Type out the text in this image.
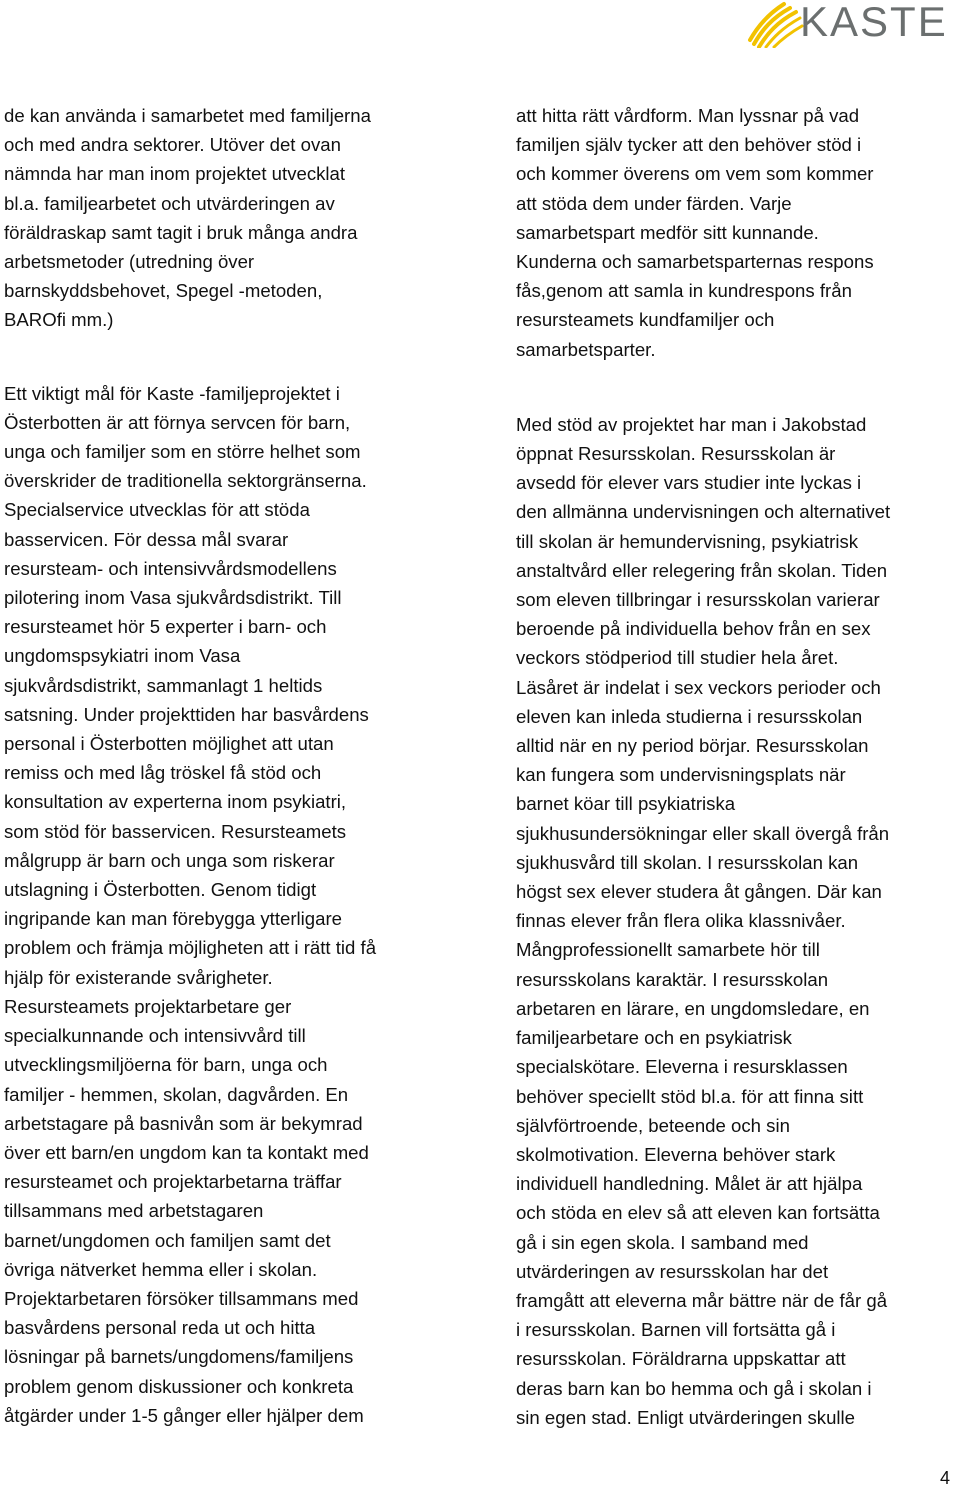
KASTE

de kan använda i samarbetet med familjerna
och med andra sektorer. Utöver det ovan
nämnda har man inom projektet utvecklat
bl.a. familjearbetet och utvärderingen av
föräldraskap samt tagit i bruk många andra
arbetsmetoder (utredning över
barnskyddsbehovet, Spegel -metoden,
BAROfi mm.)

Ett viktigt mål för Kaste -familjeprojektet i
Österbotten är att förnya servcen för barn,
unga och familjer som en större helhet som
överskrider de traditionella sektorgränserna.
Specialservice utvecklas för att stöda
basservicen. För dessa mål svarar
resursteam- och intensivvårdsmodellens
pilotering inom Vasa sjukvårdsdistrikt. Till
resursteamet hör 5 experter i barn- och
ungdomspsykiatri inom Vasa
sjukvårdsdistrikt, sammanlagt 1 heltids
satsning. Under projekttiden har basvårdens
personal i Österbotten möjlighet att utan
remiss och med låg tröskel få stöd och
konsultation av experterna inom psykiatri,
som stöd för basservicen. Resursteamets
målgrupp är barn och unga som riskerar
utslagning i Österbotten. Genom tidigt
ingripande kan man förebygga ytterligare
problem och främja möjligheten att i rätt tid få
hjälp för existerande svårigheter.
Resursteamets projektarbetare ger
specialkunnande och intensivvård till
utvecklingsmiljöerna för barn, unga och
familjer - hemmen, skolan, dagvården. En
arbetstagare på basnivån som är bekymrad
över ett barn/en ungdom kan ta kontakt med
resursteamet och projektarbetarna träffar
tillsammans med arbetstagaren
barnet/ungdomen och familjen samt det
övriga nätverket hemma eller i skolan.
Projektarbetaren försöker tillsammans med
basvårdens personal reda ut och hitta
lösningar på barnets/ungdomens/familjens
problem genom diskussioner och konkreta
åtgärder under 1-5 gånger eller hjälper dem

att hitta rätt vårdform. Man lyssnar på vad
familjen själv tycker att den behöver stöd i
och kommer överens om vem som kommer
att stöda dem under färden. Varje
samarbetspart medför sitt kunnande.
Kunderna och samarbetsparternas respons
fås,genom att samla in kundrespons från
resursteamets kundfamiljer och
samarbetsparter.

Med stöd av projektet har man i Jakobstad
öppnat Resursskolan. Resursskolan är
avsedd för elever vars studier inte lyckas i
den allmänna undervisningen och alternativet
till skolan är hemundervisning, psykiatrisk
anstaltvård eller relegering från skolan. Tiden
som eleven tillbringar i resursskolan varierar
beroende på individuella behov från en sex
veckors stödperiod till studier hela året.
Läsåret är indelat i sex veckors perioder och
eleven kan inleda studierna i resursskolan
alltid när en ny period börjar. Resursskolan
kan fungera som undervisningsplats när
barnet köar till psykiatriska
sjukhusundersökningar eller skall övergå från
sjukhusvård till skolan. I resursskolan kan
högst sex elever studera åt gången. Där kan
finnas elever från flera olika klassnivåer.
Mångprofessionellt samarbete hör till
resursskolans karaktär. I resursskolan
arbetaren en lärare, en ungdomsledare, en
familjearbetare och en psykiatrisk
specialskötare. Eleverna i resursklassen
behöver speciellt stöd bl.a. för att finna sitt
självförtroende, beteende och sin
skolmotivation. Eleverna behöver stark
individuell handledning. Målet är att hjälpa
och stöda en elev så att eleven kan fortsätta
gå i sin egen skola. I samband med
utvärderingen av resursskolan har det
framgått att eleverna mår bättre när de får gå
i resursskolan. Barnen vill fortsätta gå i
resursskolan. Föräldrarna uppskattar att
deras barn kan bo hemma och gå i skolan i
sin egen stad. Enligt utvärderingen skulle

4
